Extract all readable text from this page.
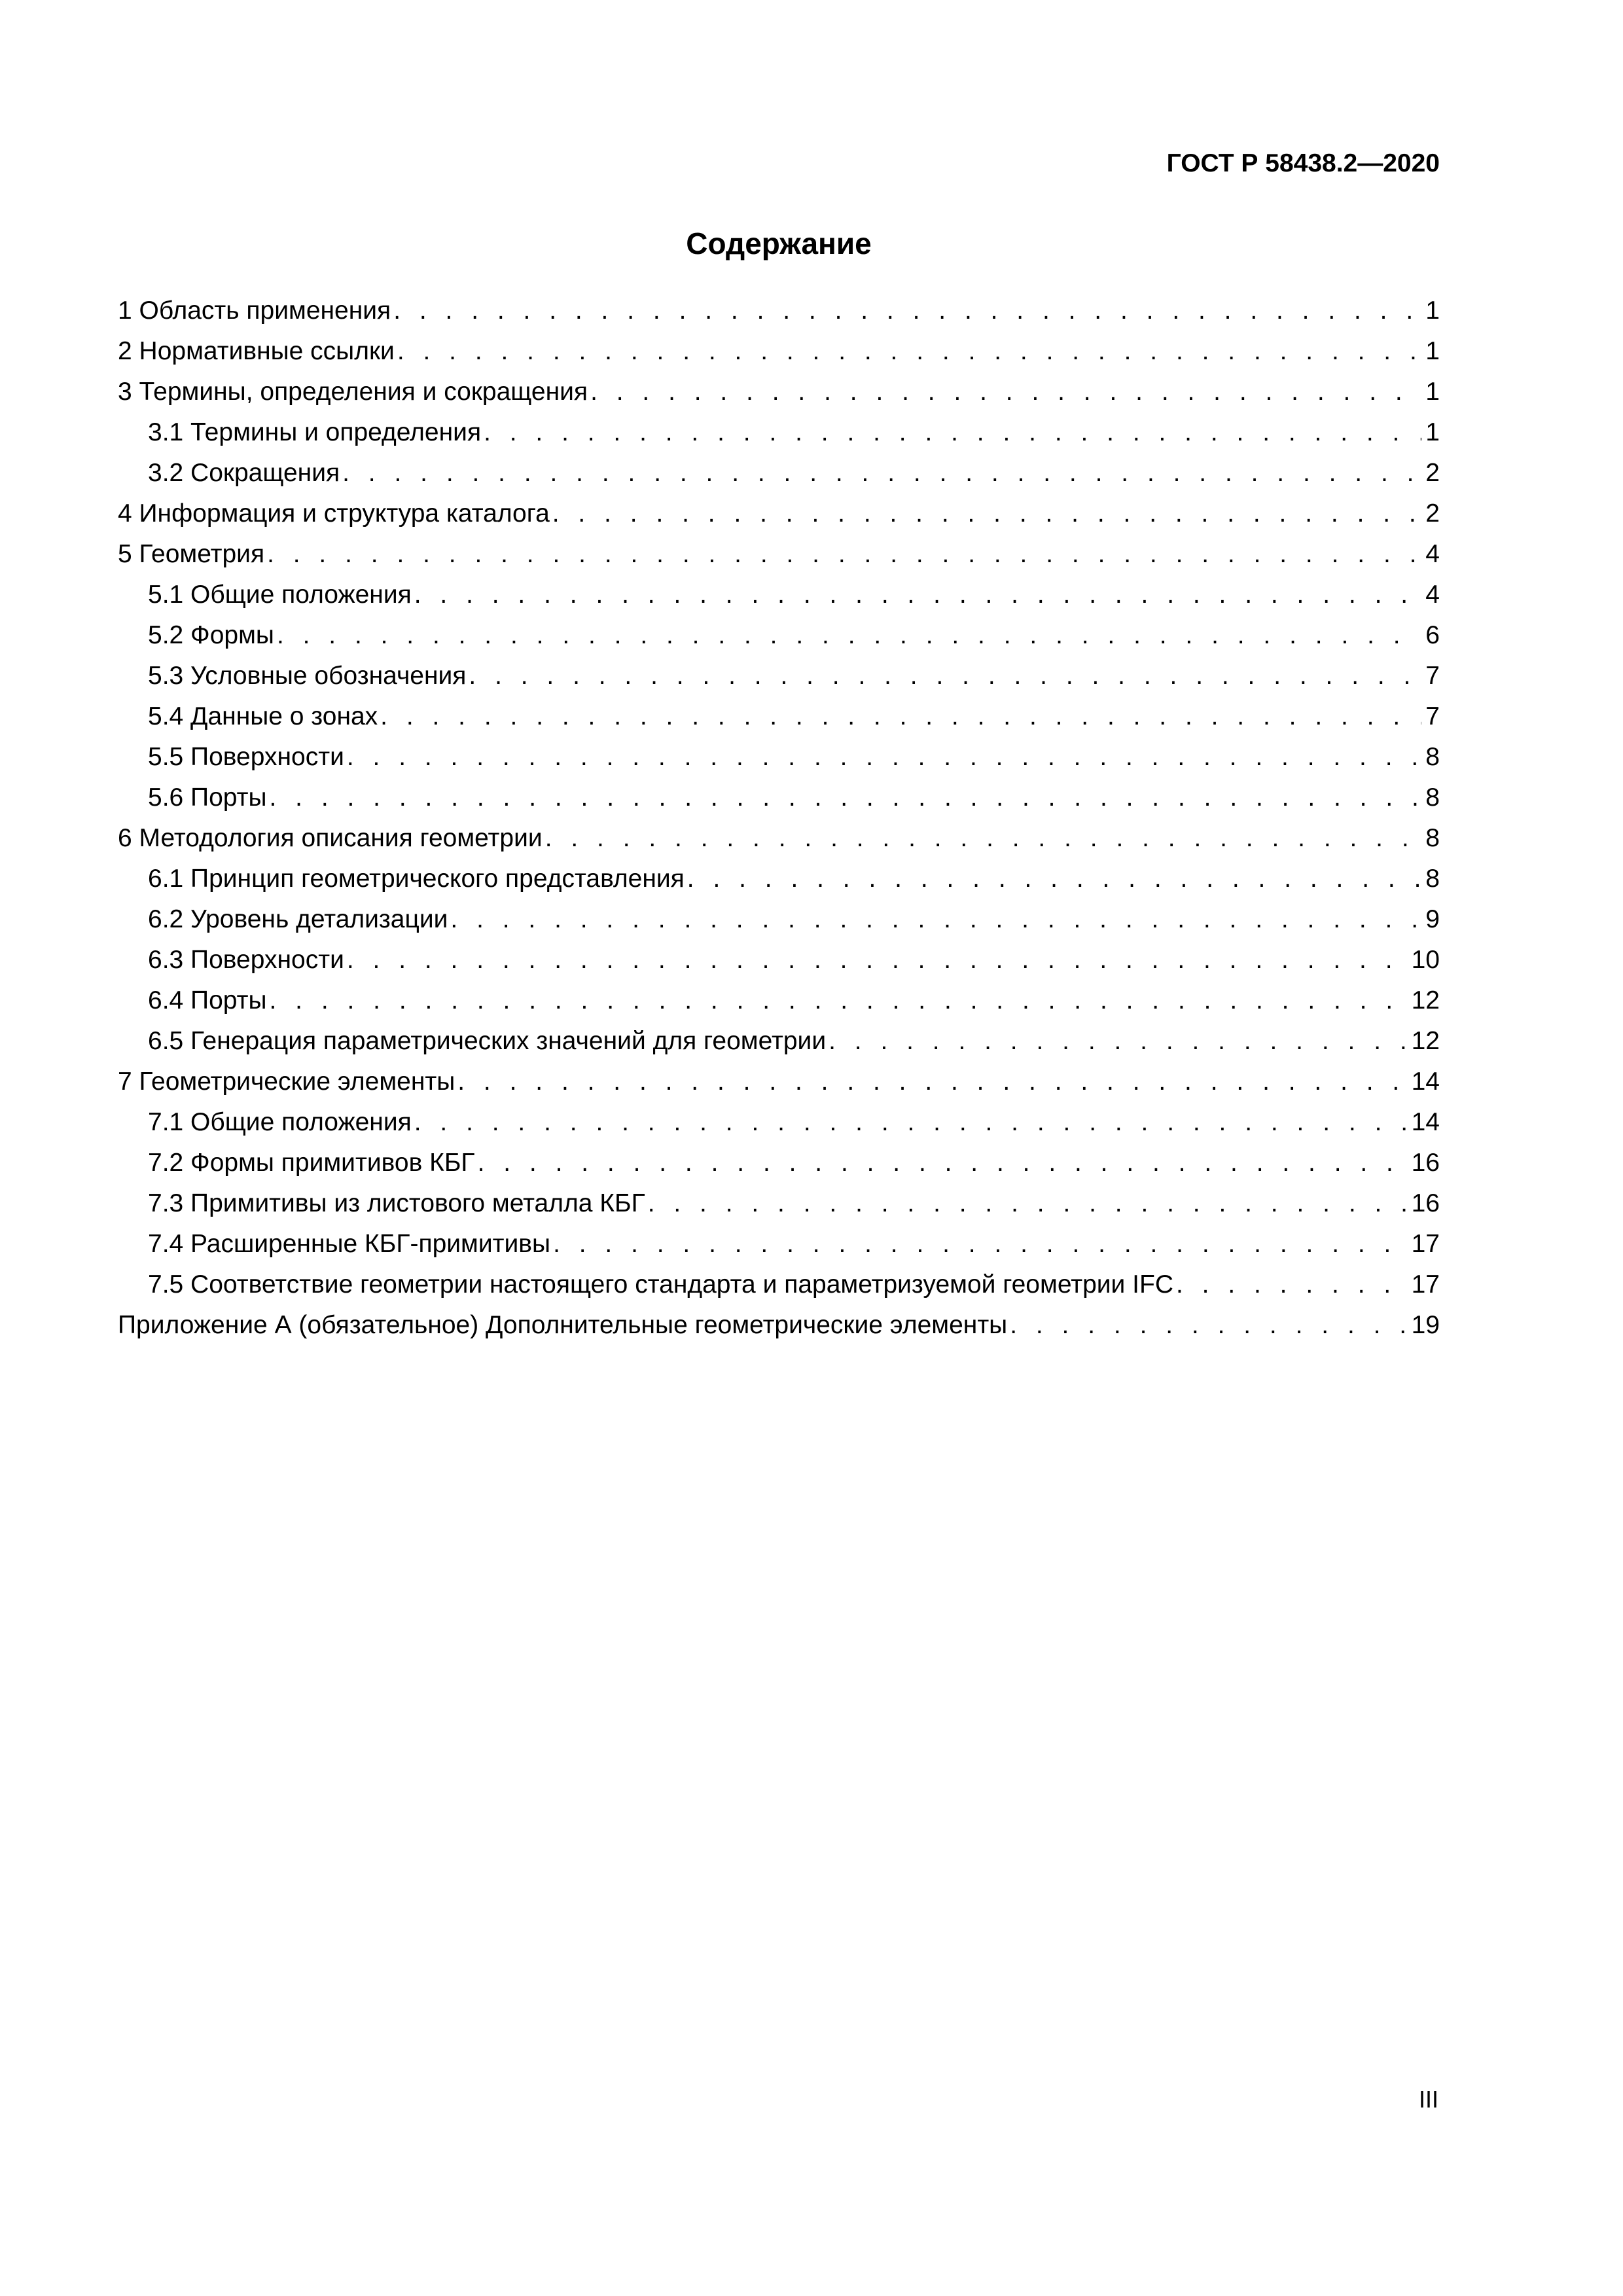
ГОСТ Р 58438.2—2020
Содержание
1 Область применения . . .	1
2 Нормативные ссылки . . .	1
3 Термины, определения и сокращения . . .	1
3.1 Термины и определения . . .	1
3.2 Сокращения . . .	2
4 Информация и структура каталога . . .	2
5 Геометрия . . .	4
5.1 Общие положения . . .	4
5.2 Формы . . .	6
5.3 Условные обозначения . . .	7
5.4 Данные о зонах . . .	7
5.5 Поверхности . . .	8
5.6 Порты . . .	8
6 Методология описания геометрии . . .	8
6.1 Принцип геометрического представления . . .	8
6.2 Уровень детализации . . .	9
6.3 Поверхности . . .	10
6.4 Порты . . .	12
6.5 Генерация параметрических значений для геометрии . . .	12
7 Геометрические элементы . . .	14
7.1 Общие положения . . .	14
7.2 Формы примитивов КБГ . . .	16
7.3 Примитивы из листового металла КБГ . . .	16
7.4 Расширенные КБГ-примитивы . . .	17
7.5 Соответствие геометрии настоящего стандарта и параметризуемой геометрии IFC . . .	17
Приложение А (обязательное) Дополнительные геометрические элементы . . .	19
III
